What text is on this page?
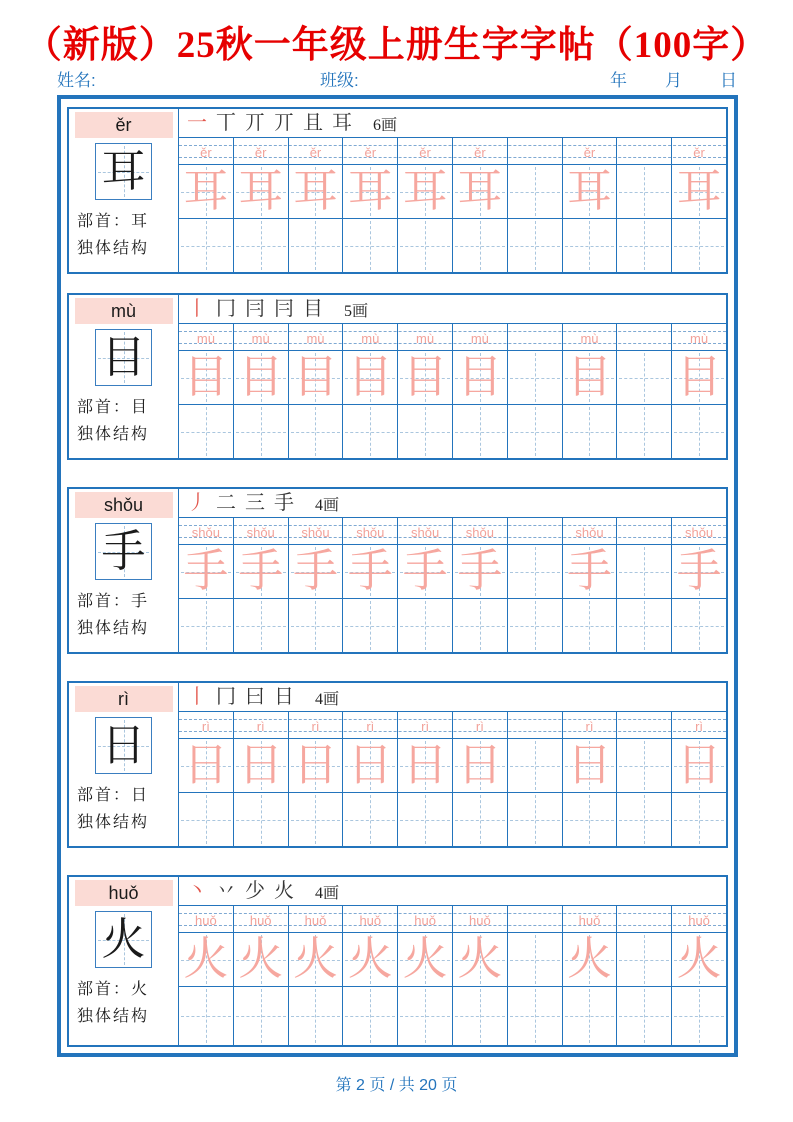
（新版）25秋一年级上册生字字帖（100字）
姓名:	班级:	年 月 日
ěr
耳
部首：耳
独体结构
一 丅 丌 丌 且 耳 6画
ěr	ěr	ěr	ěr	ěr	ěr	ěr	ěr
耳 耳 耳 耳 耳 耳 耳 耳
mù
目
部首：目
独体结构
丨 冂 冃 冃 目 5画
mù	mù	mù	mù	mù	mù	mù	mù
目 目 目 目 目 目 目 目
shǒu
手
部首：手
独体结构
丿 二 三 手 4画
shǒu shǒu shǒu shǒu shǒu shǒu	shǒu	shǒu
手 手 手 手 手 手 手 手
rì
日
部首：日
独体结构
丨 冂 曰 日 4画
rì	rì	rì	rì	rì	rì	rì	rì
日 日 日 日 日 日 日 日
huǒ
火
部首：火
独体结构
丶 丷 少 火 4画
huǒ	huǒ	huǒ	huǒ	huǒ	huǒ	huǒ	huǒ
火 火 火 火 火 火 火 火
第 2 页 / 共 20 页
